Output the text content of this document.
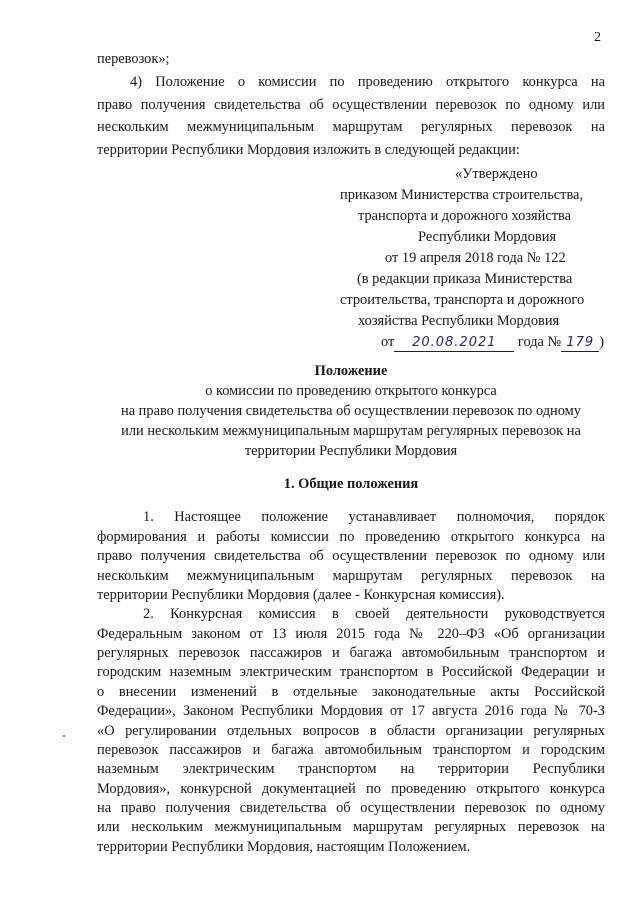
2
перевозок»;
4) Положение о комиссии по проведению открытого конкурса на
право получения свидетельства об осуществлении перевозок по одному или
нескольким межмуниципальным маршрутам регулярных перевозок на
территории Республики Мордовия изложить в следующей редакции:
«Утверждено
приказом Министерства строительства,
транспорта и дорожного хозяйства
Республики Мордовия
от 19 апреля 2018 года № 122
(в редакции приказа Министерства
строительства, транспорта и дорожного
хозяйства Республики Мордовия
от 20.08.2021 года № 179 )
Положение
о комиссии по проведению открытого конкурса
на право получения свидетельства об осуществлении перевозок по одному
или нескольким межмуниципальным маршрутам регулярных перевозок на
территории Республики Мордовия
1. Общие положения
1. Настоящее положение устанавливает полномочия, порядок
формирования и работы комиссии по проведению открытого конкурса на
право получения свидетельства об осуществлении перевозок по одному или
нескольким межмуниципальным маршрутам регулярных перевозок на
территории Республики Мордовия (далее - Конкурсная комиссия).
2. Конкурсная комиссия в своей деятельности руководствуется
Федеральным законом от 13 июля 2015 года № 220–ФЗ «Об организации
регулярных перевозок пассажиров и багажа автомобильным транспортом и
городским наземным электрическим транспортом в Российской Федерации и
о внесении изменений в отдельные законодательные акты Российской
Федерации», Законом Республики Мордовия от 17 августа 2016 года № 70-З
«О регулировании отдельных вопросов в области организации регулярных
перевозок пассажиров и багажа автомобильным транспортом и городским
наземным электрическим транспортом на территории Республики
Мордовия», конкурсной документацией по проведению открытого конкурса
на право получения свидетельства об осуществлении перевозок по одному
или нескольким межмуниципальным маршрутам регулярных перевозок на
территории Республики Мордовия, настоящим Положением.
